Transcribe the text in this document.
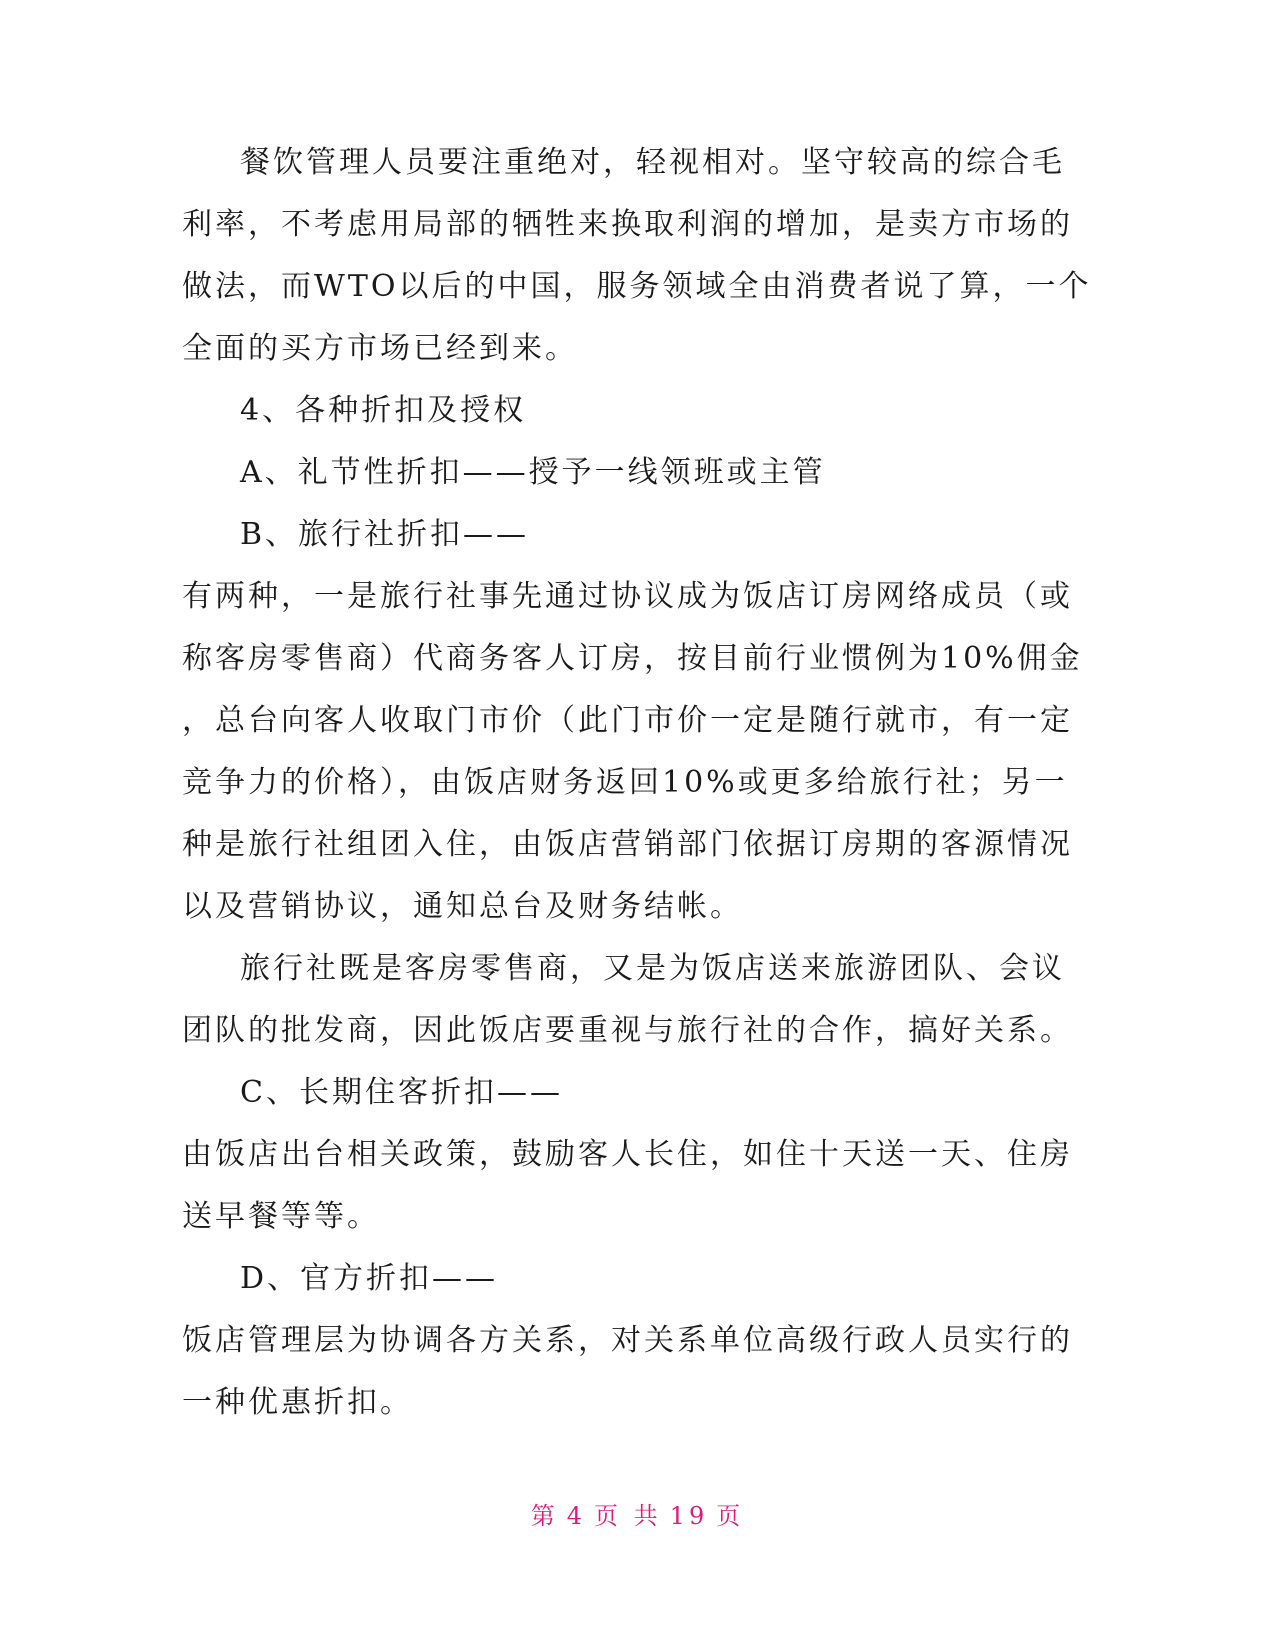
餐饮管理人员要注重绝对，轻视相对。坚守较高的综合毛
利率，不考虑用局部的牺牲来换取利润的增加，是卖方市场的
做法，而WTO以后的中国，服务领域全由消费者说了算，一个
全面的买方市场已经到来。
4、各种折扣及授权
A、礼节性折扣——授予一线领班或主管
B、旅行社折扣——
有两种，一是旅行社事先通过协议成为饭店订房网络成员（或
称客房零售商）代商务客人订房，按目前行业惯例为10%佣金
，总台向客人收取门市价（此门市价一定是随行就市，有一定
竞争力的价格），由饭店财务返回10%或更多给旅行社；另一
种是旅行社组团入住，由饭店营销部门依据订房期的客源情况
以及营销协议，通知总台及财务结帐。
旅行社既是客房零售商，又是为饭店送来旅游团队、会议
团队的批发商，因此饭店要重视与旅行社的合作，搞好关系。
C、长期住客折扣——
由饭店出台相关政策，鼓励客人长住，如住十天送一天、住房
送早餐等等。
D、官方折扣——
饭店管理层为协调各方关系，对关系单位高级行政人员实行的
一种优惠折扣。
第 4 页 共 19 页
